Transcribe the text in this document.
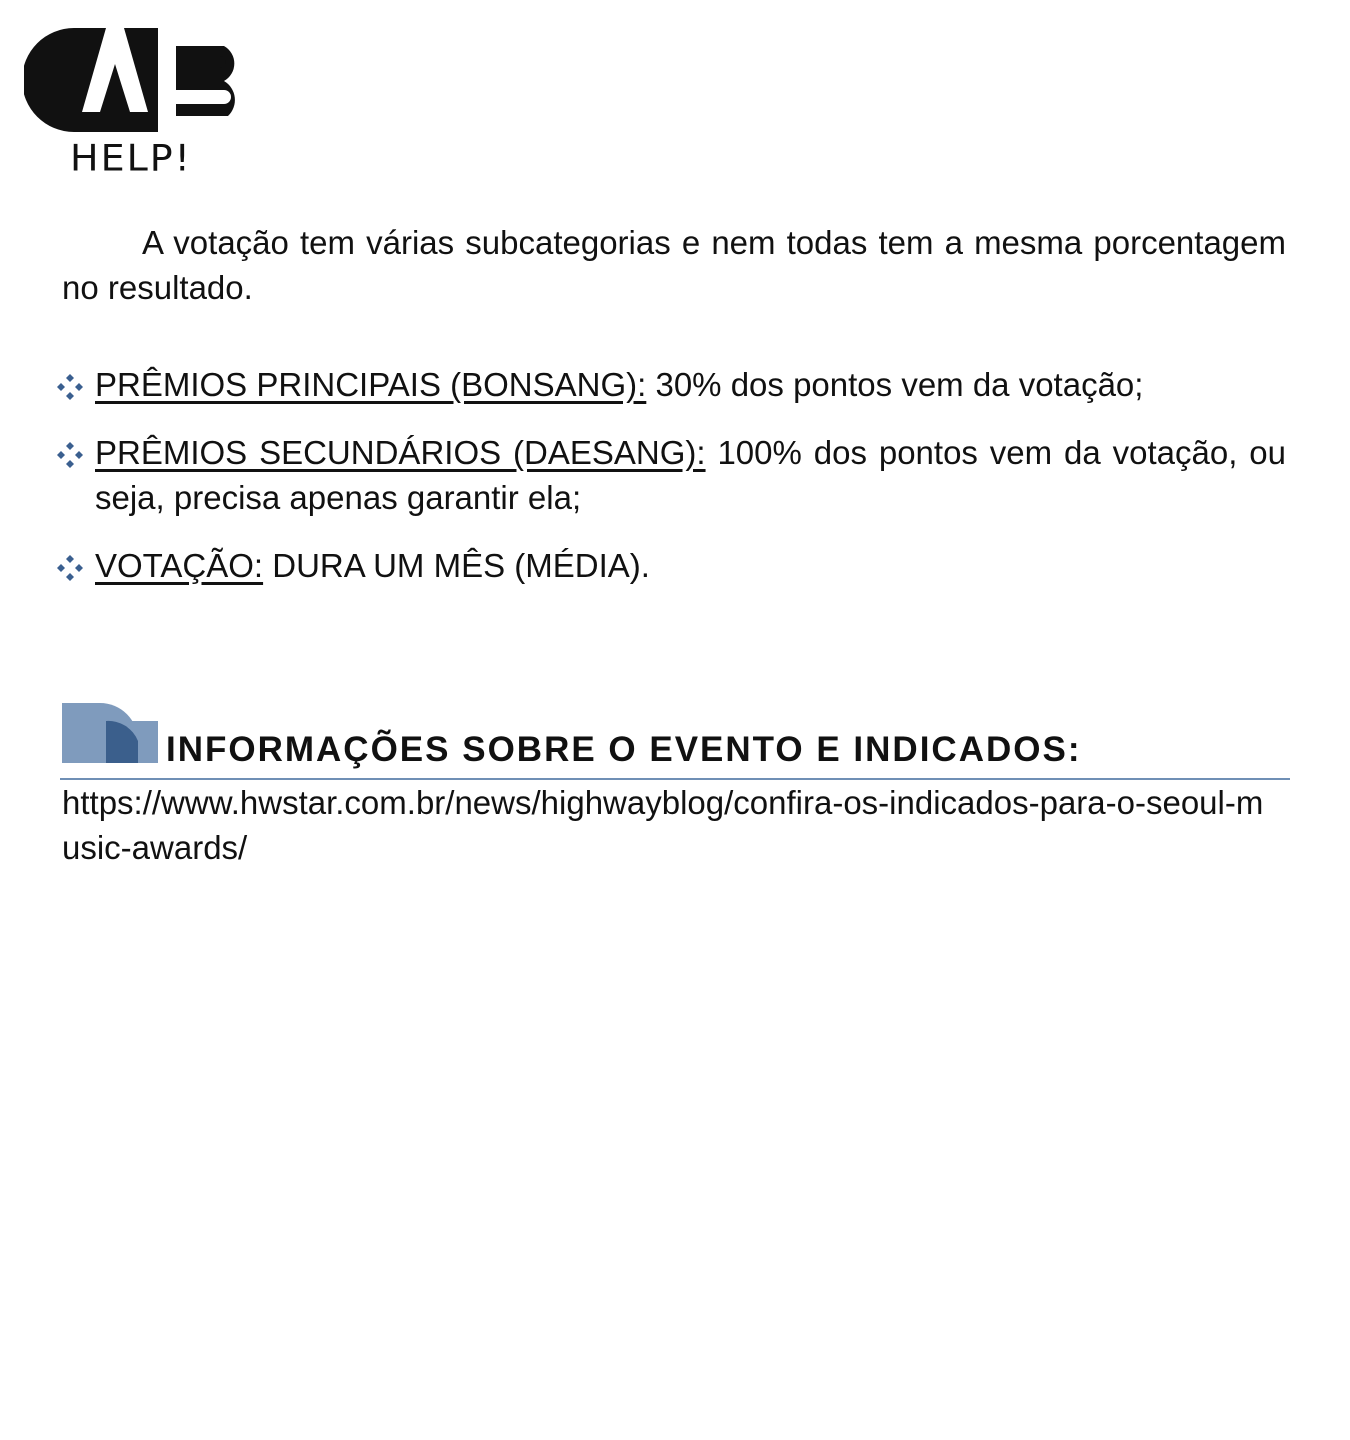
HELP!

A votação tem várias subcategorias e nem todas tem a mesma porcentagem no resultado.

PRÊMIOS PRINCIPAIS (BONSANG): 30% dos pontos vem da votação;
PRÊMIOS SECUNDÁRIOS (DAESANG): 100% dos pontos vem da votação, ou seja, precisa apenas garantir ela;
VOTAÇÃO: DURA UM MÊS (MÉDIA).
INFORMAÇÕES SOBRE O EVENTO E INDICADOS:

https://www.hwstar.com.br/news/highwayblog/confira-os-indicados-para-o-seoul-music-awards/
